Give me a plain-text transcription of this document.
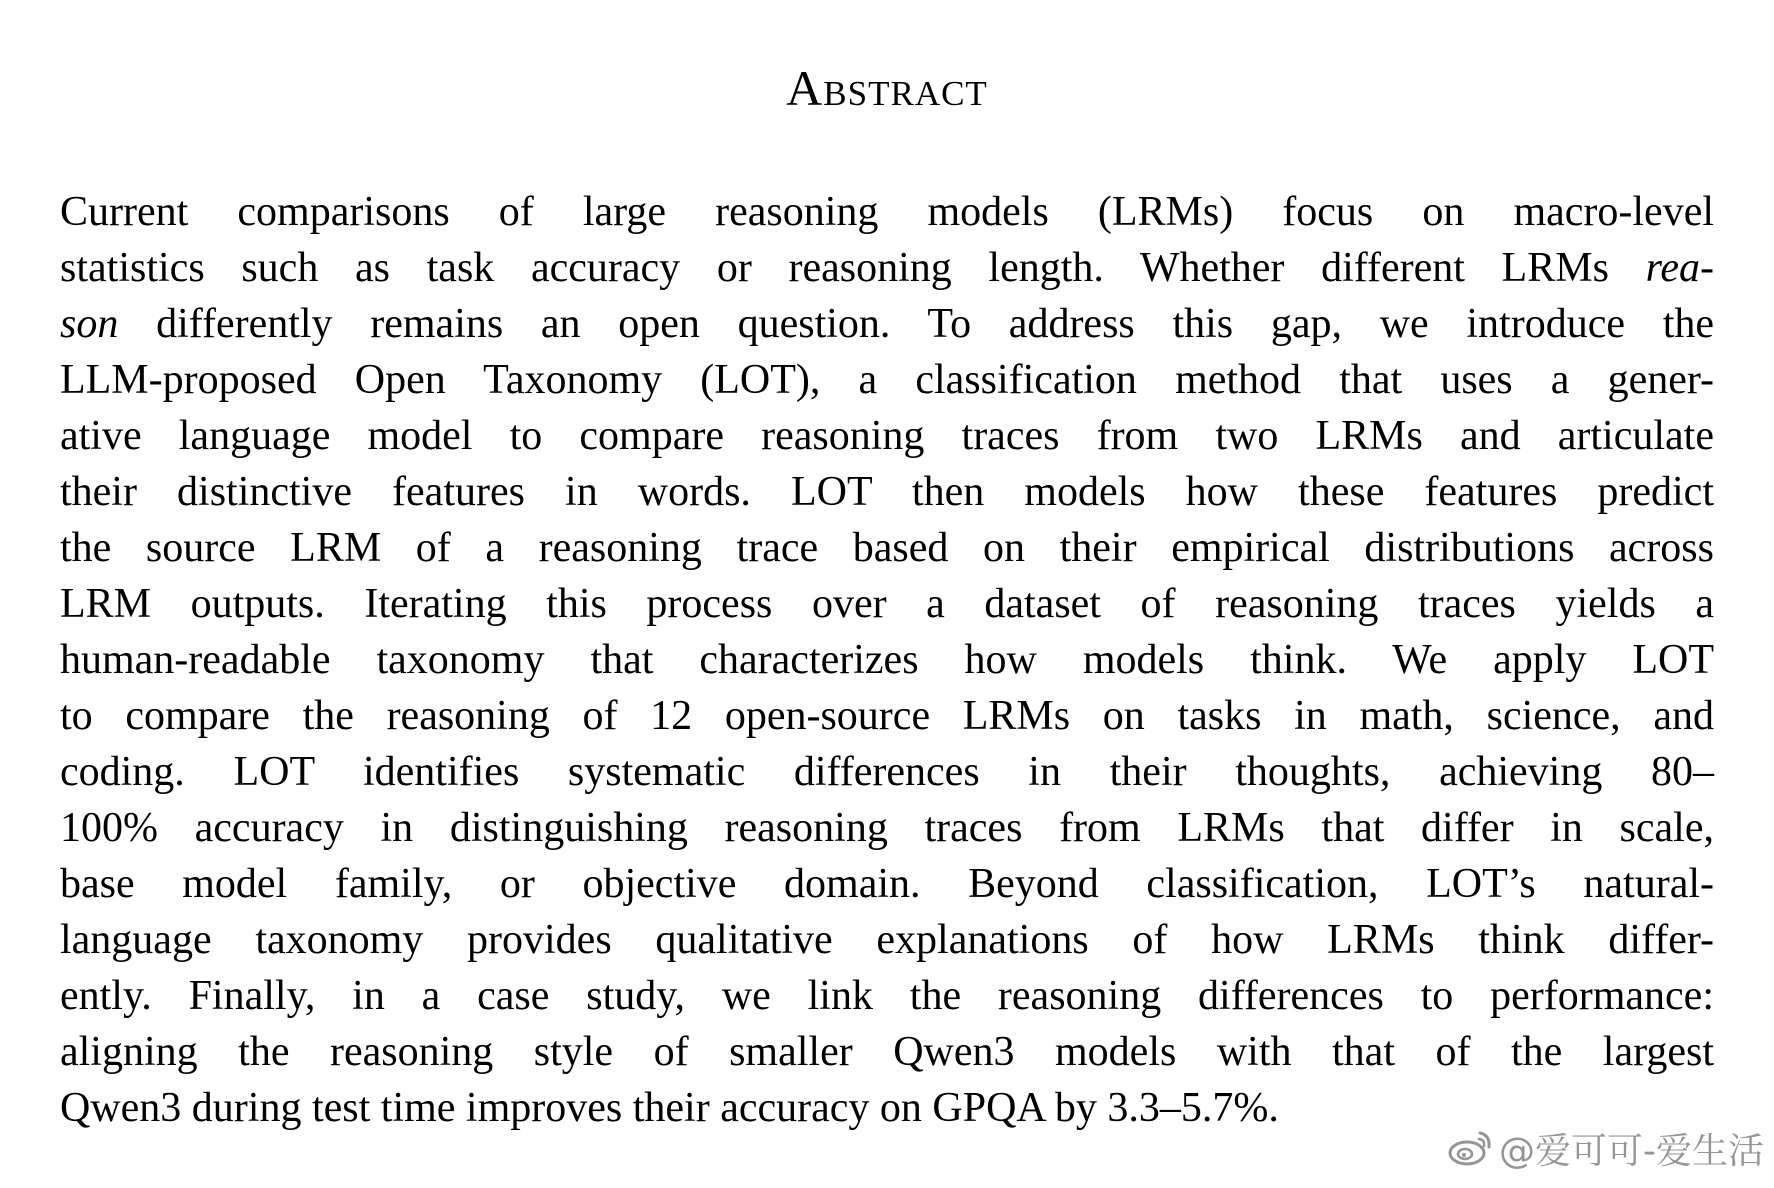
Abstract
Current comparisons of large reasoning models (LRMs) focus on macro-level
statistics such as task accuracy or reasoning length. Whether different LRMs rea-
son differently remains an open question. To address this gap, we introduce the
LLM-proposed Open Taxonomy (LOT), a classification method that uses a gener-
ative language model to compare reasoning traces from two LRMs and articulate
their distinctive features in words. LOT then models how these features predict
the source LRM of a reasoning trace based on their empirical distributions across
LRM outputs. Iterating this process over a dataset of reasoning traces yields a
human-readable taxonomy that characterizes how models think. We apply LOT
to compare the reasoning of 12 open-source LRMs on tasks in math, science, and
coding. LOT identifies systematic differences in their thoughts, achieving 80–
100% accuracy in distinguishing reasoning traces from LRMs that differ in scale,
base model family, or objective domain. Beyond classification, LOT’s natural-
language taxonomy provides qualitative explanations of how LRMs think differ-
ently. Finally, in a case study, we link the reasoning differences to performance:
aligning the reasoning style of smaller Qwen3 models with that of the largest
Qwen3 during test time improves their accuracy on GPQA by 3.3–5.7%.
@爱可可-爱生活
